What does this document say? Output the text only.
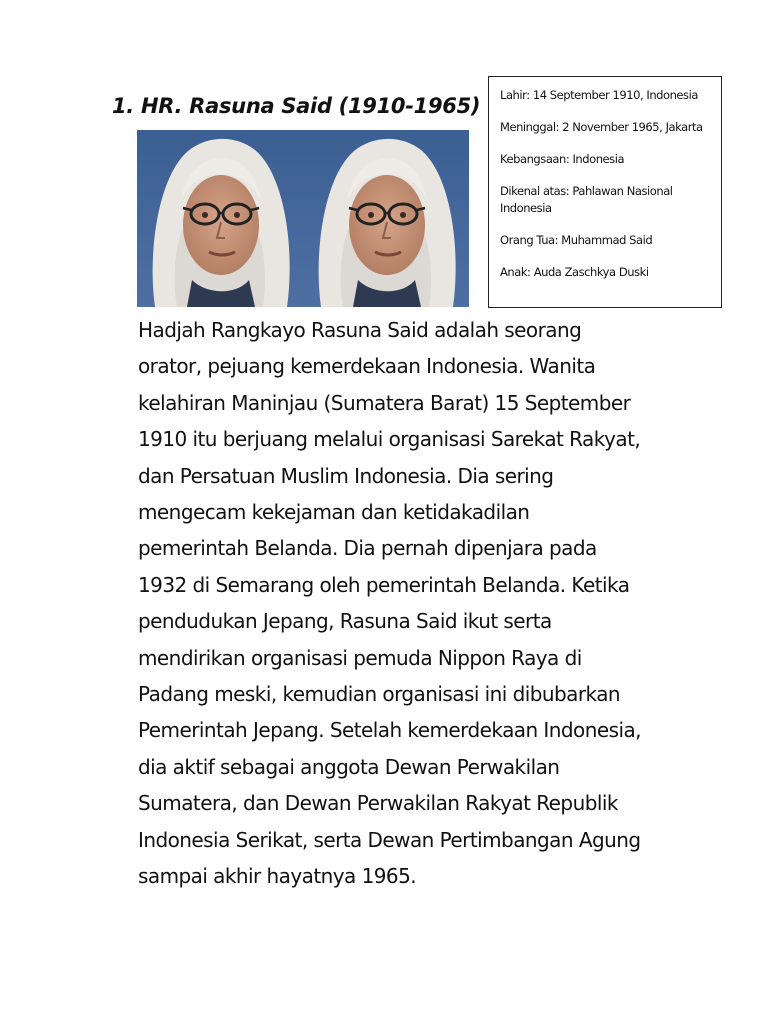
1. HR. Rasuna Said (1910-1965) Lahir: 14 September 1910, Indonesia

Meninggal: 2 November 1965, Jakarta

Kebangsaan: Indonesia

Dikenal atas: Pahlawan Nasional Indonesia

Orang Tua: Muhammad Said

Anak: Auda Zaschkya Duski

Hadjah Rangkayo Rasuna Said adalah seorang
orator, pejuang kemerdekaan Indonesia. Wanita
kelahiran Maninjau (Sumatera Barat) 15 September
1910 itu berjuang melalui organisasi Sarekat Rakyat,
dan Persatuan Muslim Indonesia. Dia sering
mengecam kekejaman dan ketidakadilan
pemerintah Belanda. Dia pernah dipenjara pada
1932 di Semarang oleh pemerintah Belanda. Ketika
pendudukan Jepang, Rasuna Said ikut serta
mendirikan organisasi pemuda Nippon Raya di
Padang meski, kemudian organisasi ini dibubarkan
Pemerintah Jepang. Setelah kemerdekaan Indonesia,
dia aktif sebagai anggota Dewan Perwakilan
Sumatera, dan Dewan Perwakilan Rakyat Republik
Indonesia Serikat, serta Dewan Pertimbangan Agung
sampai akhir hayatnya 1965.
